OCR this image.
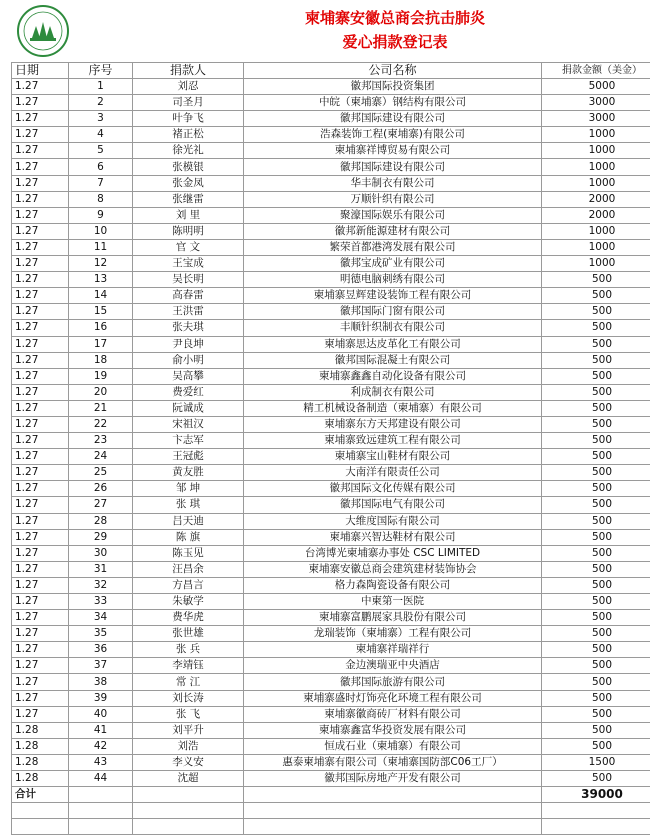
柬埔寨安徽总商会抗击肺炎
爱心捐款登记表
日期	序号	捐款人	公司名称	捐款金额（美金）
1.27	1	刘忍	徽邦国际投资集团	5000
1.27	2	司圣月	中皖（柬埔寨）钢结构有限公司	3000
1.27	3	叶争飞	徽邦国际建设有限公司	3000
1.27	4	褚正松	浩森装饰工程(柬埔寨)有限公司	1000
1.27	5	徐光礼	柬埔寨祥博贸易有限公司	1000
1.27	6	张模银	徽邦国际建设有限公司	1000
1.27	7	张金凤	华丰制衣有限公司	1000
1.27	8	张继雷	万顺针织有限公司	2000
1.27	9	刘 里	聚濠国际娱乐有限公司	2000
1.27	10	陈明明	徽邦新能源建材有限公司	1000
1.27	11	官 文	繁荣首都港湾发展有限公司	1000
1.27	12	王宝成	徽邦宝成矿业有限公司	1000
1.27	13	吴长明	明德电脑刺绣有限公司	500
1.27	14	高春雷	柬埔寨昱辉建设装饰工程有限公司	500
1.27	15	王洪雷	徽邦国际门窗有限公司	500
1.27	16	张夫琪	丰顺针织制衣有限公司	500
1.27	17	尹良坤	柬埔寨思达皮革化工有限公司	500
1.27	18	俞小明	徽邦国际混凝土有限公司	500
1.27	19	吴高攀	柬埔寨鑫鑫自动化设备有限公司	500
1.27	20	费爱红	利成制衣有限公司	500
1.27	21	阮诚成	精工机械设备制造（柬埔寨）有限公司	500
1.27	22	宋祖汉	柬埔寨东方天邦建设有限公司	500
1.27	23	卞志军	柬埔寨致远建筑工程有限公司	500
1.27	24	王冠彪	柬埔寨宝山鞋材有限公司	500
1.27	25	黄友胜	大南洋有限责任公司	500
1.27	26	邹 坤	徽邦国际文化传媒有限公司	500
1.27	27	张 琪	徽邦国际电气有限公司	500
1.27	28	吕天迪	大维度国际有限公司	500
1.27	29	陈 旗	柬埔寨兴智达鞋材有限公司	500
1.27	30	陈玉见	台湾博光柬埔寨办事处 CSC LIMITED	500
1.27	31	汪昌余	柬埔寨安徽总商会建筑建材装饰协会	500
1.27	32	方昌言	格力森陶瓷设备有限公司	500
1.27	33	朱敏学	中柬第一医院	500
1.27	34	费华虎	柬埔寨富鹏展家具股份有限公司	500
1.27	35	张世雄	龙瑞装饰（柬埔寨）工程有限公司	500
1.27	36	张 兵	柬埔寨祥瑞祥行	500
1.27	37	李靖钰	金边澳瑞亚中央酒店	500
1.27	38	常 江	徽邦国际旅游有限公司	500
1.27	39	刘长涛	柬埔寨盛时灯饰亮化环境工程有限公司	500
1.27	40	张 飞	柬埔寨徽商砖厂材料有限公司	500
1.28	41	刘平升	柬埔寨鑫富华投资发展有限公司	500
1.28	42	刘浩	恒成石业（柬埔寨）有限公司	500
1.28	43	李义安	惠泰柬埔寨有限公司（柬埔寨国防部C06工厂）	1500
1.28	44	沈超	徽邦国际房地产开发有限公司	500
合计				39000
